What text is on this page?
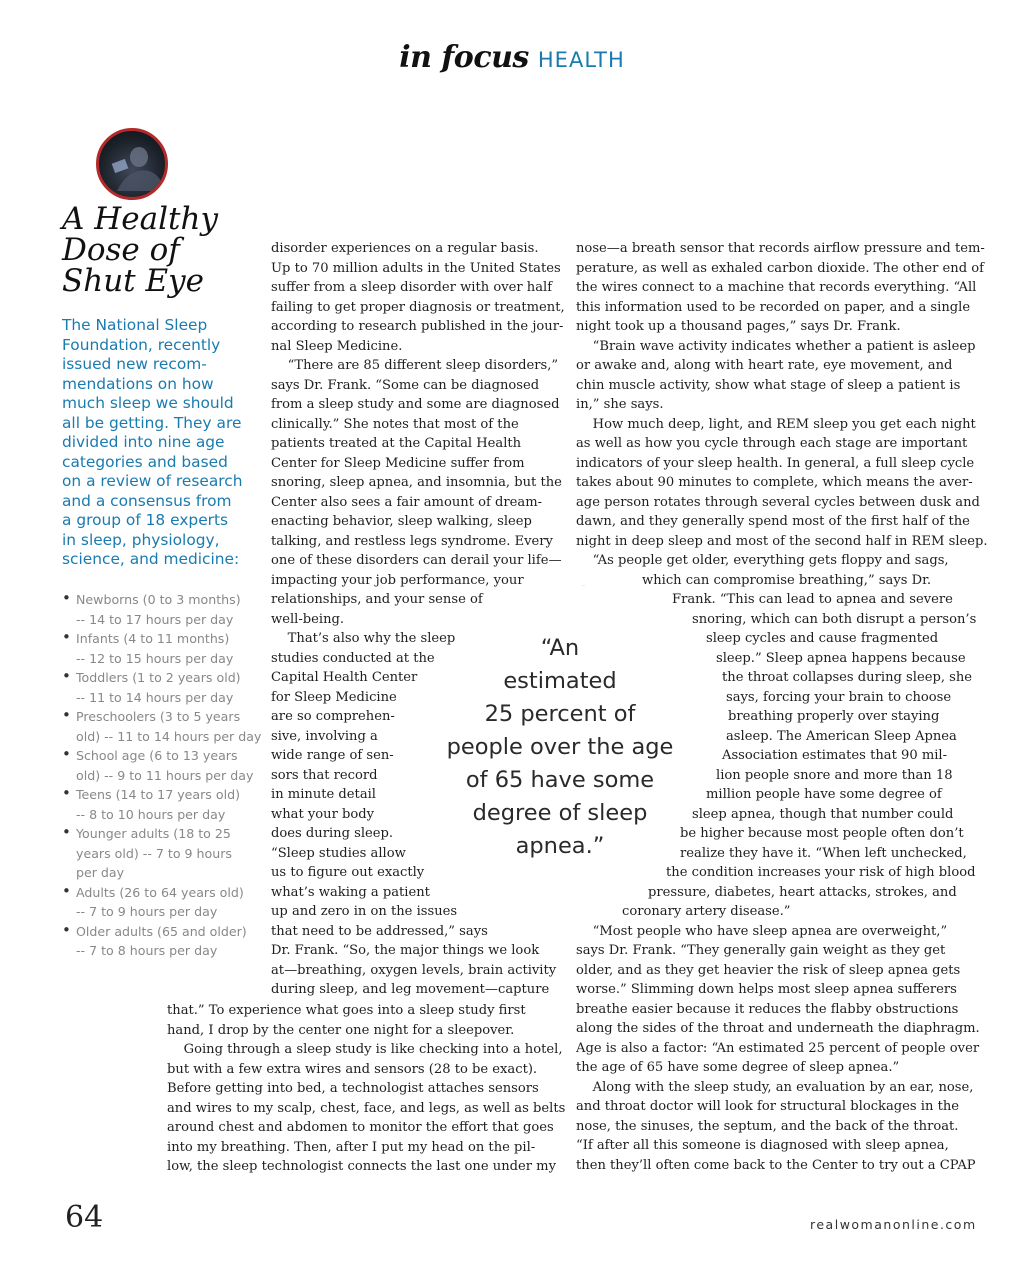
in focus HEALTH
A Healthy
Dose of
Shut Eye
The National Sleep
Foundation, recently
issued new recom-
mendations on how
much sleep we should
all be getting. They are
divided into nine age
categories and based
on a review of research
and a consensus from
a group of 18 experts
in sleep, physiology,
science, and medicine:
• Newborns (0 to 3 months)
-- 14 to 17 hours per day
• Infants (4 to 11 months)
-- 12 to 15 hours per day
• Toddlers (1 to 2 years old)
-- 11 to 14 hours per day
• Preschoolers (3 to 5 years
old) -- 11 to 14 hours per day
• School age (6 to 13 years
old) -- 9 to 11 hours per day
• Teens (14 to 17 years old)
-- 8 to 10 hours per day
• Younger adults (18 to 25
years old) -- 7 to 9 hours
per day
• Adults (26 to 64 years old)
-- 7 to 9 hours per day
• Older adults (65 and older)
-- 7 to 8 hours per day
disorder experiences on a regular basis.
Up to 70 million adults in the United States
suffer from a sleep disorder with over half
failing to get proper diagnosis or treatment,
according to research published in the jour-
nal Sleep Medicine.
“There are 85 different sleep disorders,”
says Dr. Frank. “Some can be diagnosed
from a sleep study and some are diagnosed
clinically.” She notes that most of the
patients treated at the Capital Health
Center for Sleep Medicine suffer from
snoring, sleep apnea, and insomnia, but the
Center also sees a fair amount of dream-
enacting behavior, sleep walking, sleep
talking, and restless legs syndrome. Every
one of these disorders can derail your life—
impacting your job performance, your
relationships, and your sense of
well-being.
That’s also why the sleep
studies conducted at the
Capital Health Center
for Sleep Medicine
are so comprehen-
sive, involving a
wide range of sen-
sors that record
in minute detail
what your body
does during sleep.
“Sleep studies allow
us to figure out exactly
what’s waking a patient
up and zero in on the issues
that need to be addressed,” says
Dr. Frank. “So, the major things we look
at—breathing, oxygen levels, brain activity
during sleep, and leg movement—capture
that.” To experience what goes into a sleep study first
hand, I drop by the center one night for a sleepover.
Going through a sleep study is like checking into a hotel,
but with a few extra wires and sensors (28 to be exact).
Before getting into bed, a technologist attaches sensors
and wires to my scalp, chest, face, and legs, as well as belts
around chest and abdomen to monitor the effort that goes
into my breathing. Then, after I put my head on the pil-
low, the sleep technologist connects the last one under my
nose—a breath sensor that records airflow pressure and tem-
perature, as well as exhaled carbon dioxide. The other end of
the wires connect to a machine that records everything. “All
this information used to be recorded on paper, and a single
night took up a thousand pages,” says Dr. Frank.
“Brain wave activity indicates whether a patient is asleep
or awake and, along with heart rate, eye movement, and
chin muscle activity, show what stage of sleep a patient is
in,” she says.
How much deep, light, and REM sleep you get each night
as well as how you cycle through each stage are important
indicators of your sleep health. In general, a full sleep cycle
takes about 90 minutes to complete, which means the aver-
age person rotates through several cycles between dusk and
dawn, and they generally spend most of the first half of the
night in deep sleep and most of the second half in REM sleep.
“As people get older, everything gets floppy and sags,
which can compromise breathing,” says Dr.
Frank. “This can lead to apnea and severe
snoring, which can both disrupt a person’s
sleep cycles and cause fragmented
sleep.” Sleep apnea happens because
the throat collapses during sleep, she
says, forcing your brain to choose
breathing properly over staying
asleep. The American Sleep Apnea
Association estimates that 90 mil-
lion people snore and more than 18
million people have some degree of
sleep apnea, though that number could
be higher because most people often don’t
realize they have it. “When left unchecked,
the condition increases your risk of high blood
pressure, diabetes, heart attacks, strokes, and
coronary artery disease.”
“Most people who have sleep apnea are overweight,”
says Dr. Frank. “They generally gain weight as they get
older, and as they get heavier the risk of sleep apnea gets
worse.” Slimming down helps most sleep apnea sufferers
breathe easier because it reduces the flabby obstructions
along the sides of the throat and underneath the diaphragm.
Age is also a factor: “An estimated 25 percent of people over
the age of 65 have some degree of sleep apnea.”
Along with the sleep study, an evaluation by an ear, nose,
and throat doctor will look for structural blockages in the
nose, the sinuses, the septum, and the back of the throat.
“If after all this someone is diagnosed with sleep apnea,
then they’ll often come back to the Center to try out a CPAP
“An
estimated
25 percent of
people over the age
of 65 have some
degree of sleep
apnea.”
64	realwomanonline.com
